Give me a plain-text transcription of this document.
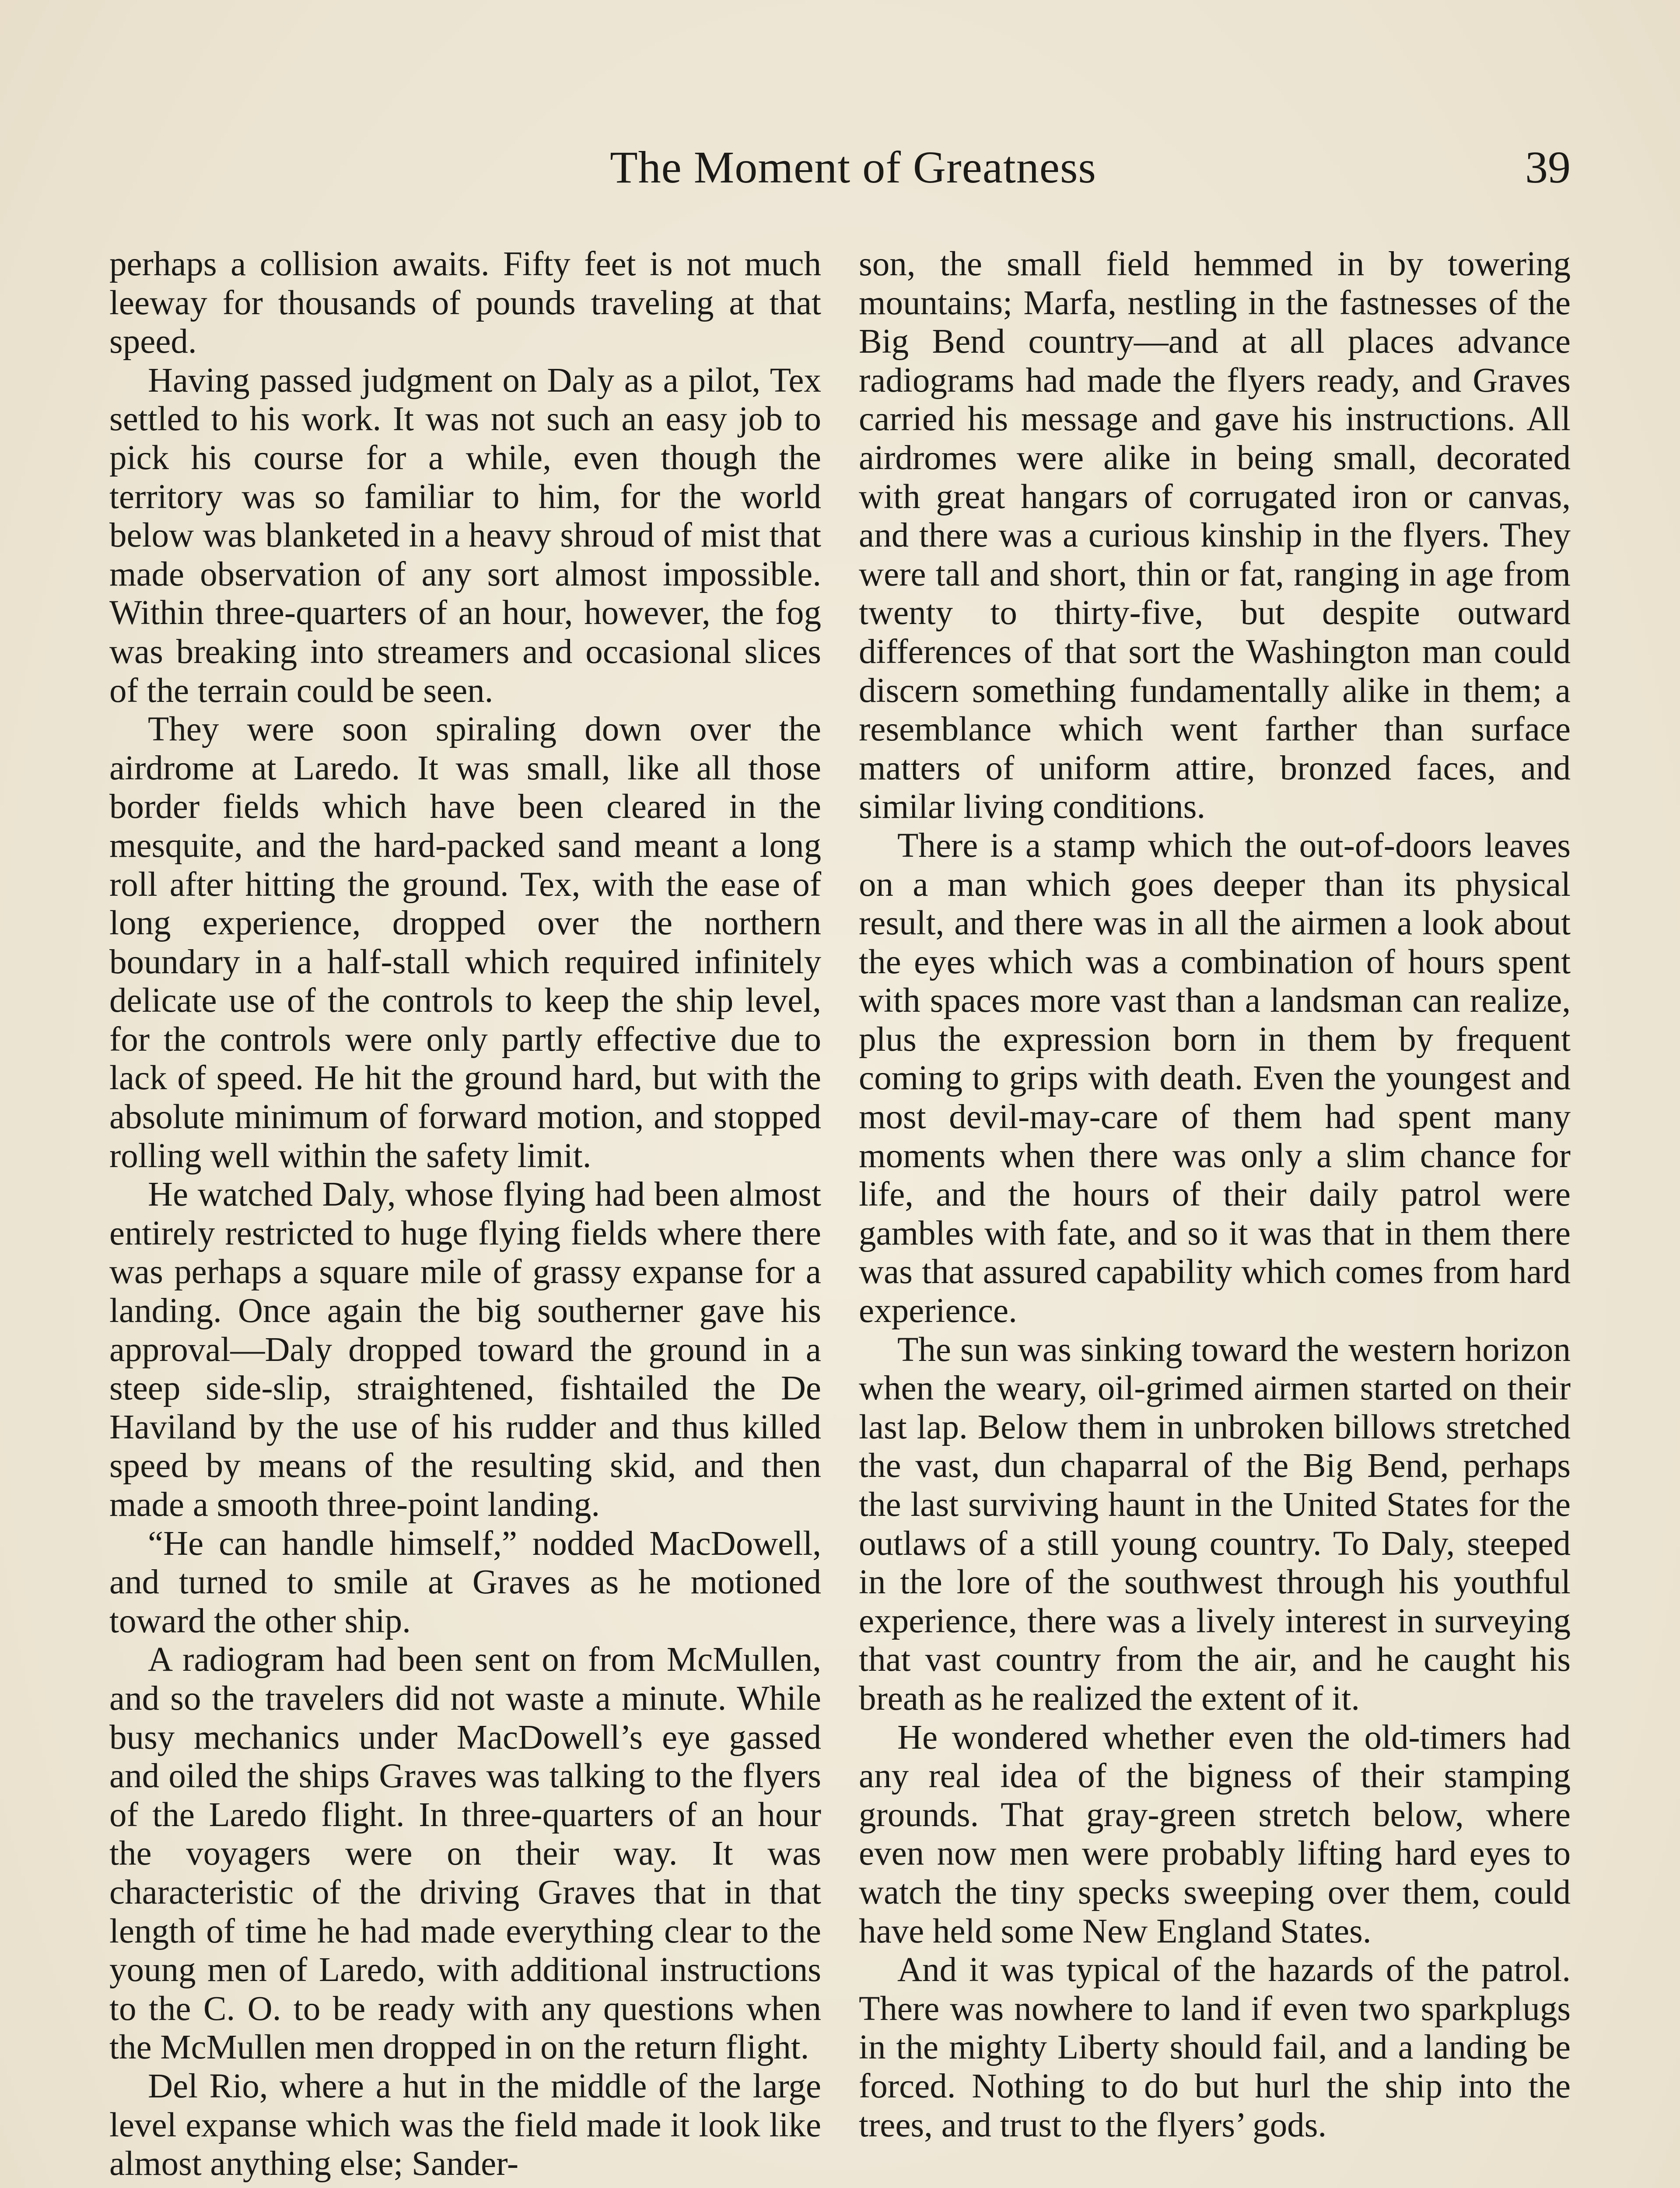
The Moment of Greatness	39

perhaps a collision awaits. Fifty feet is not much leeway for thousands of pounds traveling at that speed.

Having passed judgment on Daly as a pilot, Tex settled to his work. It was not such an easy job to pick his course for a while, even though the territory was so familiar to him, for the world below was blanketed in a heavy shroud of mist that made observation of any sort almost impossible. Within three-quarters of an hour, however, the fog was breaking into streamers and occasional slices of the terrain could be seen.

They were soon spiraling down over the airdrome at Laredo. It was small, like all those border fields which have been cleared in the mesquite, and the hard-packed sand meant a long roll after hitting the ground. Tex, with the ease of long experience, dropped over the northern boundary in a half-stall which required infinitely delicate use of the controls to keep the ship level, for the controls were only partly effective due to lack of speed. He hit the ground hard, but with the absolute minimum of forward motion, and stopped rolling well within the safety limit.

He watched Daly, whose flying had been almost entirely restricted to huge flying fields where there was perhaps a square mile of grassy expanse for a landing. Once again the big southerner gave his approval—Daly dropped toward the ground in a steep side-slip, straightened, fishtailed the De Haviland by the use of his rudder and thus killed speed by means of the resulting skid, and then made a smooth three-point landing.

“He can handle himself,” nodded MacDowell, and turned to smile at Graves as he motioned toward the other ship.

A radiogram had been sent on from McMullen, and so the travelers did not waste a minute. While busy mechanics under MacDowell’s eye gassed and oiled the ships Graves was talking to the flyers of the Laredo flight. In three-quarters of an hour the voyagers were on their way. It was characteristic of the driving Graves that in that length of time he had made everything clear to the young men of Laredo, with additional instructions to the C. O. to be ready with any questions when the McMullen men dropped in on the return flight.

Del Rio, where a hut in the middle of the large level expanse which was the field made it look like almost anything else; Sander-

son, the small field hemmed in by towering mountains; Marfa, nestling in the fastnesses of the Big Bend country—and at all places advance radiograms had made the flyers ready, and Graves carried his message and gave his instructions. All airdromes were alike in being small, decorated with great hangars of corrugated iron or canvas, and there was a curious kinship in the flyers. They were tall and short, thin or fat, ranging in age from twenty to thirty-five, but despite outward differences of that sort the Washington man could discern something fundamentally alike in them; a resemblance which went farther than surface matters of uniform attire, bronzed faces, and similar living conditions.

There is a stamp which the out-of-doors leaves on a man which goes deeper than its physical result, and there was in all the airmen a look about the eyes which was a combination of hours spent with spaces more vast than a landsman can realize, plus the expression born in them by frequent coming to grips with death. Even the youngest and most devil-may-care of them had spent many moments when there was only a slim chance for life, and the hours of their daily patrol were gambles with fate, and so it was that in them there was that assured capability which comes from hard experience.

The sun was sinking toward the western horizon when the weary, oil-grimed airmen started on their last lap. Below them in unbroken billows stretched the vast, dun chaparral of the Big Bend, perhaps the last surviving haunt in the United States for the outlaws of a still young country. To Daly, steeped in the lore of the southwest through his youthful experience, there was a lively interest in surveying that vast country from the air, and he caught his breath as he realized the extent of it.

He wondered whether even the old-timers had any real idea of the bigness of their stamping grounds. That gray-green stretch below, where even now men were probably lifting hard eyes to watch the tiny specks sweeping over them, could have held some New England States.

And it was typical of the hazards of the patrol. There was nowhere to land if even two sparkplugs in the mighty Liberty should fail, and a landing be forced. Nothing to do but hurl the ship into the trees, and trust to the flyers’ gods.
